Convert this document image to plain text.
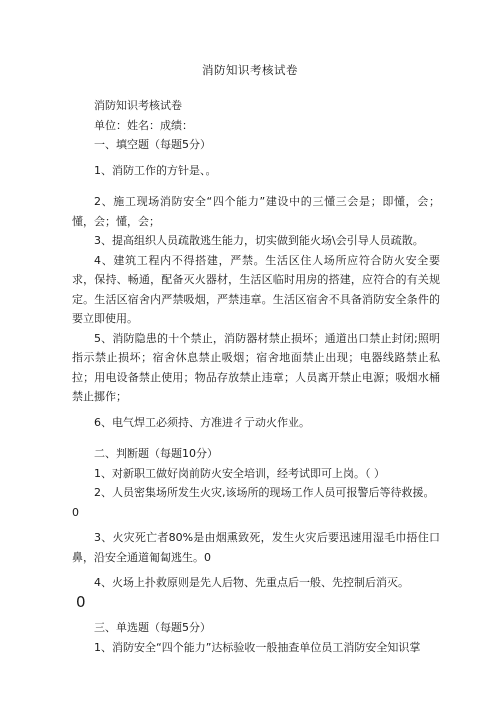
消防知识考核试卷
消防知识考核试卷
单位：姓名：成绩：
一、填空题（每题5分）
1、消防工作的方针是、。

2、施工现场消防安全“四个能力”建设中的三懂三会是；即懂，会；懂，会；懂，会；

3、提高组织人员疏散逃生能力，切实做到能火场\会引导人员疏散。

4、建筑工程内不得搭建，严禁。生活区住人场所应符合防火安全要求，保持、畅通，配备灭火器材，生活区临时用房的搭建，应符合的有关规定。生活区宿舍内严禁吸烟，严禁违章。生活区宿舍不具备消防安全条件的要立即使用。

5、消防隐患的十个禁止，消防器材禁止损坏；通道出口禁止封闭;照明指示禁止损坏；宿舍休息禁止吸烟；宿舍地面禁止出现；电器线路禁止私拉；用电设备禁止使用；物品存放禁止违章；人员离开禁止电源；吸烟水桶禁止挪作；

6、电气焊工必须持、方准进彳亍动火作业。

二、判断题（每题10分）

1、对新职工做好岗前防火安全培训，经考试即可上岗。（ ）

2、人员密集场所发生火灾,该场所的现场工作人员可报警后等待救援。

0

3、火灾死亡者80%是由烟熏致死，发生火灾后要迅速用湿毛巾捂住口鼻，沿安全通道匍匐逃生。0

4、火场上扑救原则是先人后物、先重点后一般、先控制后消灭。

0
三、单选题（每题5分）
1、消防安全“四个能力”达标验收一般抽查单位员工消防安全知识掌
